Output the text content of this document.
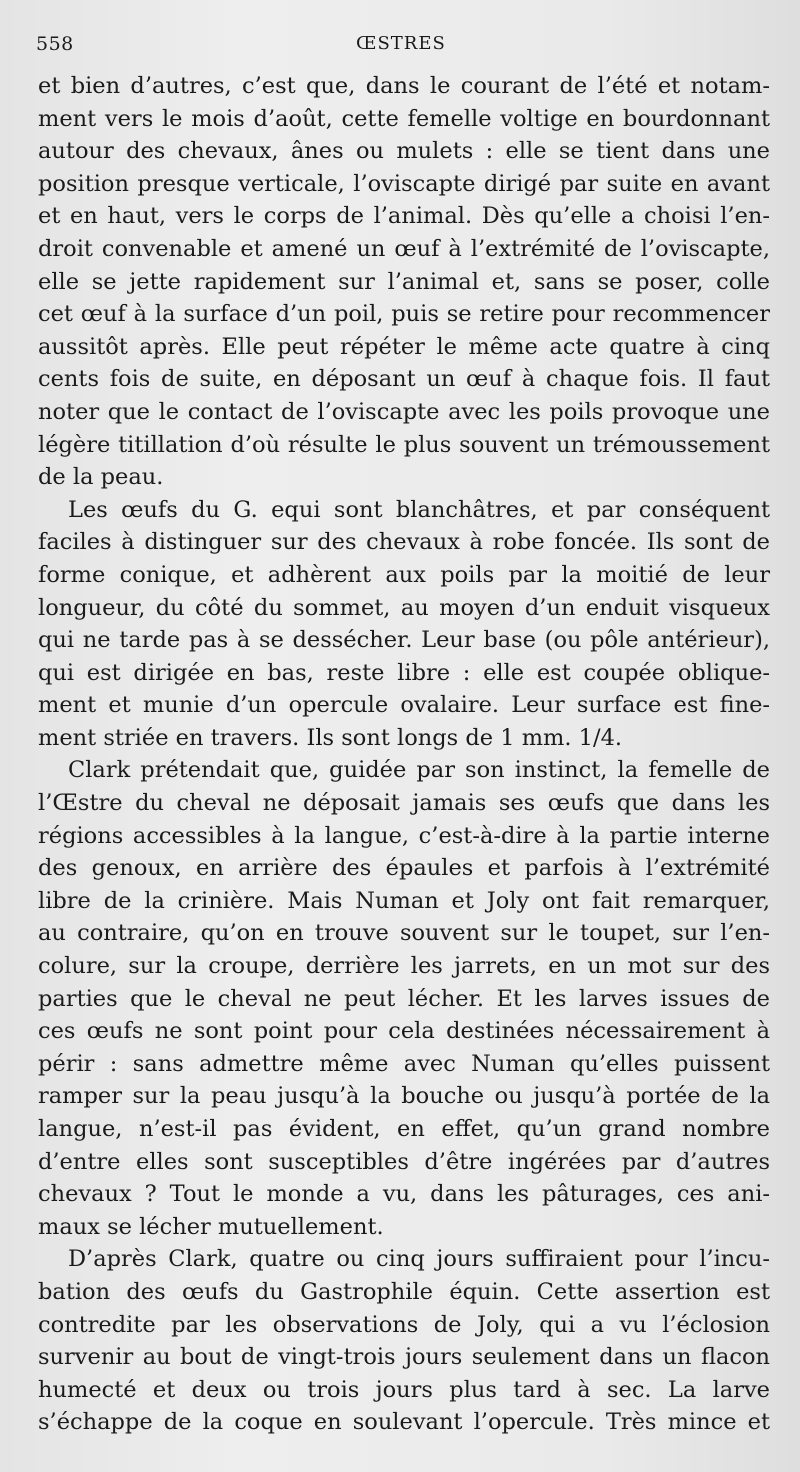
558	ŒSTRES
et bien d’autres, c’est que, dans le courant de l’été et notam-
ment vers le mois d’août, cette femelle voltige en bourdonnant
autour des chevaux, ânes ou mulets : elle se tient dans une
position presque verticale, l’oviscapte dirigé par suite en avant
et en haut, vers le corps de l’animal. Dès qu’elle a choisi l’en-
droit convenable et amené un œuf à l’extrémité de l’oviscapte,
elle se jette rapidement sur l’animal et, sans se poser, colle
cet œuf à la surface d’un poil, puis se retire pour recommencer
aussitôt après. Elle peut répéter le même acte quatre à cinq
cents fois de suite, en déposant un œuf à chaque fois. Il faut
noter que le contact de l’oviscapte avec les poils provoque une
légère titillation d’où résulte le plus souvent un trémoussement
de la peau.
Les œufs du G. equi sont blanchâtres, et par conséquent
faciles à distinguer sur des chevaux à robe foncée. Ils sont de
forme conique, et adhèrent aux poils par la moitié de leur
longueur, du côté du sommet, au moyen d’un enduit visqueux
qui ne tarde pas à se dessécher. Leur base (ou pôle antérieur),
qui est dirigée en bas, reste libre : elle est coupée oblique-
ment et munie d’un opercule ovalaire. Leur surface est fine-
ment striée en travers. Ils sont longs de 1 mm. 1/4.
Clark prétendait que, guidée par son instinct, la femelle de
l’Œstre du cheval ne déposait jamais ses œufs que dans les
régions accessibles à la langue, c’est-à-dire à la partie interne
des genoux, en arrière des épaules et parfois à l’extrémité
libre de la crinière. Mais Numan et Joly ont fait remarquer,
au contraire, qu’on en trouve souvent sur le toupet, sur l’en-
colure, sur la croupe, derrière les jarrets, en un mot sur des
parties que le cheval ne peut lécher. Et les larves issues de
ces œufs ne sont point pour cela destinées nécessairement à
périr : sans admettre même avec Numan qu’elles puissent
ramper sur la peau jusqu’à la bouche ou jusqu’à portée de la
langue, n’est-il pas évident, en effet, qu’un grand nombre
d’entre elles sont susceptibles d’être ingérées par d’autres
chevaux ? Tout le monde a vu, dans les pâturages, ces ani-
maux se lécher mutuellement.
D’après Clark, quatre ou cinq jours suffiraient pour l’incu-
bation des œufs du Gastrophile équin. Cette assertion est
contredite par les observations de Joly, qui a vu l’éclosion
survenir au bout de vingt-trois jours seulement dans un flacon
humecté et deux ou trois jours plus tard à sec. La larve
s’échappe de la coque en soulevant l’opercule. Très mince et
